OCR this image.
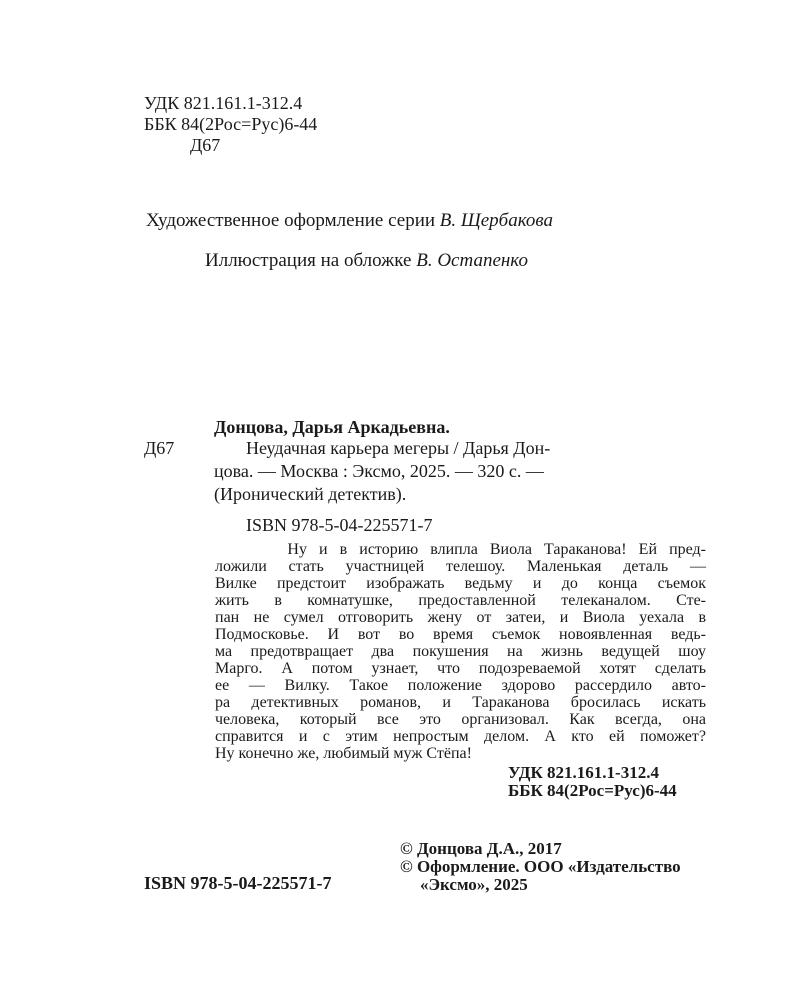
УДК 821.161.1-312.4
ББК 84(2Рос=Рус)6-44
Д67
Художественное оформление серии В. Щербакова
Иллюстрация на обложке В. Остапенко
Донцова, Дарья Аркадьевна.
Д67	Неудачная карьера мегеры / Дарья Дон-
цова. — Москва : Эксмо, 2025. — 320 с. —
(Иронический детектив).
ISBN 978-5-04-225571-7
Ну и в историю влипла Виола Тараканова! Ей пред-
ложили стать участницей телешоу. Маленькая деталь —
Вилке предстоит изображать ведьму и до конца съемок
жить в комнатушке, предоставленной телеканалом. Сте-
пан не сумел отговорить жену от затеи, и Виола уехала в
Подмосковье. И вот во время съемок новоявленная ведь-
ма предотвращает два покушения на жизнь ведущей шоу
Марго. А потом узнает, что подозреваемой хотят сделать
ее — Вилку. Такое положение здорово рассердило авто-
ра детективных романов, и Тараканова бросилась искать
человека, который все это организовал. Как всегда, она
справится и с этим непростым делом. А кто ей поможет?
Ну конечно же, любимый муж Стёпа!
УДК 821.161.1-312.4
ББК 84(2Рос=Рус)6-44
© Донцова Д.А., 2017
© Оформление. ООО «Издательство
«Эксмо», 2025
ISBN 978-5-04-225571-7
